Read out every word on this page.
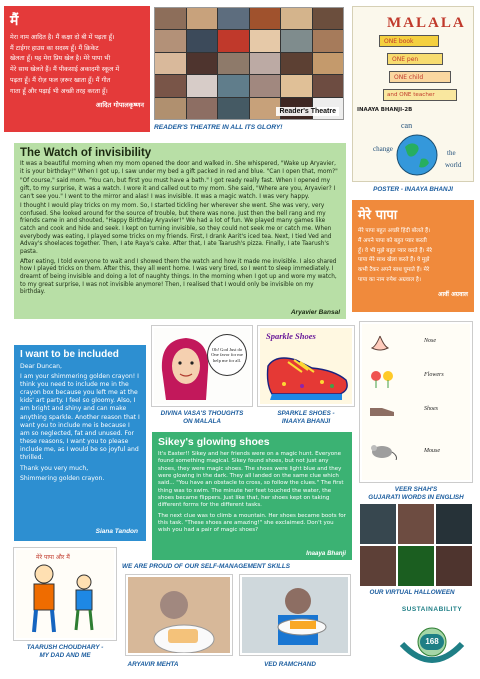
मैं
मेरा नाम आदित है। मैं कक्षा दो बी में पढ़ता हूँ।
मैं टाईगर हाउस का सदस्य हूँ। मैं क्रिकेट
खेलता हूँ। यह मेरा प्रिय खेल है। मेरे पापा भी
मेरे साथ खेलते हैं। मैं पीकसाई अकादमी स्कूल में
पढ़ता हूँ। मैं रोज़ फल ज़रूर खाता हूँ। मैं गीत
गाता हूँ और पढ़ाई भी अच्छी तरह करता हूँ।
आदित गोपालकृष्णन
Reader's Theatre
READER'S THEATRE IN ALL ITS GLORY!
MALALA
ONE book
ONE pen
ONE child
and ONE teacher
INAAYA BHANJI-2B
can
change	the
world
POSTER - INAAYA BHANJI
The Watch of invisibility

It was a beautiful morning when my mom opened the door and walked in. She whispered, "Wake up Aryavier, it is your birthday!" When I got up, I saw under my bed a gift packed in red and blue. "Can I open that, mom?"

"Of course," said mom. "You can, but first you must have a bath." I got ready really fast. When I opened my gift, to my surprise, it was a watch. I wore it and called out to my mom. She said, "Where are you, Aryavier? I can't see you." I went to the mirror and alas! I was invisible. It was a magic watch. I was very happy.

I thought I would play tricks on my mom. So, I started tickling her wherever she went. She was very, very confused. She looked around for the source of trouble, but there was none. Just then the bell rang and my friends came in and shouted, "Happy Birthday Aryavier!" We had a lot of fun. We played many games like catch and cook and hide and seek. I kept on turning invisible, so they could not seek me or catch me. When everybody was eating, I played some tricks on my friends. First, I drank Aarit's iced tea. Next, I tied Ved and Advay's shoelaces together. Then, I ate Raya's cake. After that, I ate Taarush's pizza. Finally, I ate Taarush's pasta.

After eating, I told everyone to wait and I showed them the watch and how it made me invisible. I also shared how I played tricks on them. After this, they all went home. I was very tired, so I went to sleep immediately. I dreamt of being invisible and doing a lot of naughty things. In the morning when I got up and wore my watch, to my great surprise, I was not invisible anymore! Then, I realised that I would only be invisible on my birthday.

Aryavier Bansal
मेरे पापा
मेरे पापा बहुत अच्छी हिंदी बोलते हैं।
मैं अपने पापा को बहुत प्यार करती
हूँ। वे भी मुझे बहुत प्यार करते हैं। मेरे
पापा मेरे साथ खेला करते हैं। वे मुझे
कभी टैकर अपने साथ घुमाते हैं। मेरे
पापा का नाम रुपेश अग्रवाल है।
आर्वी अग्रवाल
I want to be included
Dear Duncan,
I am your shimmering golden crayon! I think you need to include me in the crayon box because you left me at the kids' art party. I feel so gloomy. Also, I am bright and shiny and can make anything sparkle. Another reason that I want you to include me is because I am so neglected, fat and unused. For these reasons, I want you to please include me, as I would be so joyful and thrilled.
Thank you very much,
Shimmering golden crayon.
Siana Tandon
Oh! God Just do One favor for me help me for all.
DIVINA VASA'S THOUGHTS
ON MALALA
Sparkle Shoes
SPARKLE SHOES -
INAAYA BHANJI
Sikey's glowing shoes

It's Easter!! Sikey and her friends were on a magic hunt. Everyone found something magical. Sikey found shoes, but not just any shoes, they were magic shoes. The shoes were light blue and they were glowing in the dark. They all landed on the same clue which said... "You have an obstacle to cross, so follow the clues." The first thing was to swim. The minute her feet touched the water, the shoes became flippers. Just like that, her shoes kept on taking different forms for the different tasks.

The next clue was to climb a mountain. Her shoes became boots for this task. "These shoes are amazing!" she exclaimed. Don't you wish you had a pair of magic shoes?

Inaaya Bhanji
Nose
Flowers
Shoes
Mouse
VEER SHAH'S
GUJARATI WORDS IN ENGLISH
OUR VIRTUAL HALLOWEEN
मेरे पापा और मैं
TAARUSH CHOUDHARY -
MY DAD AND ME
WE ARE PROUD OF OUR SELF-MANAGEMENT SKILLS
ARYAVIR MEHTA	VED RAMCHAND
SUSTAINABILITY
168
